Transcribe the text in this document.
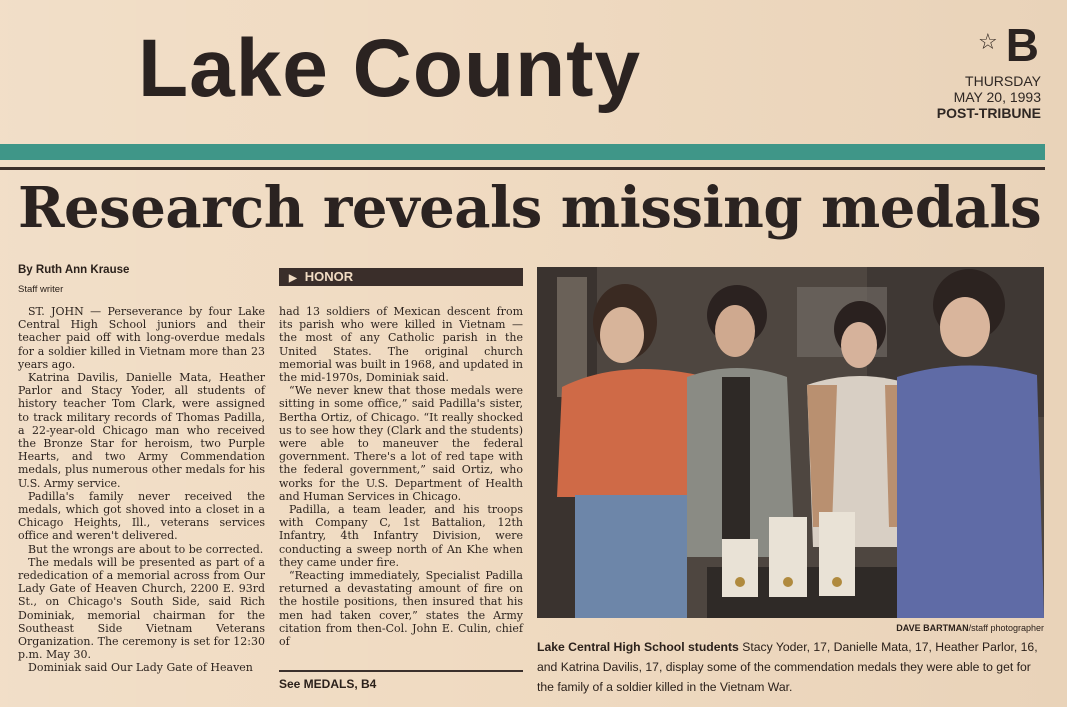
Lake County	☆ B
THURSDAY
MAY 20, 1993
POST-TRIBUNE
Research reveals missing medals
By Ruth Ann Krause
Staff writer

ST. JOHN — Perseverance by four Lake Central High School juniors and their teacher paid off with long-overdue medals for a soldier killed in Vietnam more than 23 years ago.

Katrina Davilis, Danielle Mata, Heather Parlor and Stacy Yoder, all students of history teacher Tom Clark, were assigned to track military records of Thomas Padilla, a 22-year-old Chicago man who received the Bronze Star for heroism, two Purple Hearts, and two Army Commendation medals, plus numerous other medals for his U.S. Army service.

Padilla's family never received the medals, which got shoved into a closet in a Chicago Heights, Ill., veterans services office and weren't delivered.

But the wrongs are about to be corrected.

The medals will be presented as part of a rededication of a memorial across from Our Lady Gate of Heaven Church, 2200 E. 93rd St., on Chicago's South Side, said Rich Dominiak, memorial chairman for the Southeast Side Vietnam Veterans Organization. The ceremony is set for 12:30 p.m. May 30.

Dominiak said Our Lady Gate of Heaven

▶ HONOR

had 13 soldiers of Mexican descent from its parish who were killed in Vietnam — the most of any Catholic parish in the United States. The original church memorial was built in 1968, and updated in the mid-1970s, Dominiak said.

“We never knew that those medals were sitting in some office,” said Padilla's sister, Bertha Ortiz, of Chicago. “It really shocked us to see how they (Clark and the students) were able to maneuver the federal government. There's a lot of red tape with the federal government,” said Ortiz, who works for the U.S. Department of Health and Human Services in Chicago.

Padilla, a team leader, and his troops with Company C, 1st Battalion, 12th Infantry, 4th Infantry Division, were conducting a sweep north of An Khe when they came under fire.

“Reacting immediately, Specialist Padilla returned a devastating amount of fire on the hostile positions, then insured that his men had taken cover,” states the Army citation from then-Col. John E. Culin, chief of

See MEDALS, B4
DAVE BARTMAN/staff photographer
Lake Central High School students Stacy Yoder, 17, Danielle Mata, 17, Heather Parlor, 16, and Katrina Davilis, 17, display some of the commendation medals they were able to get for the family of a soldier killed in the Vietnam War.
